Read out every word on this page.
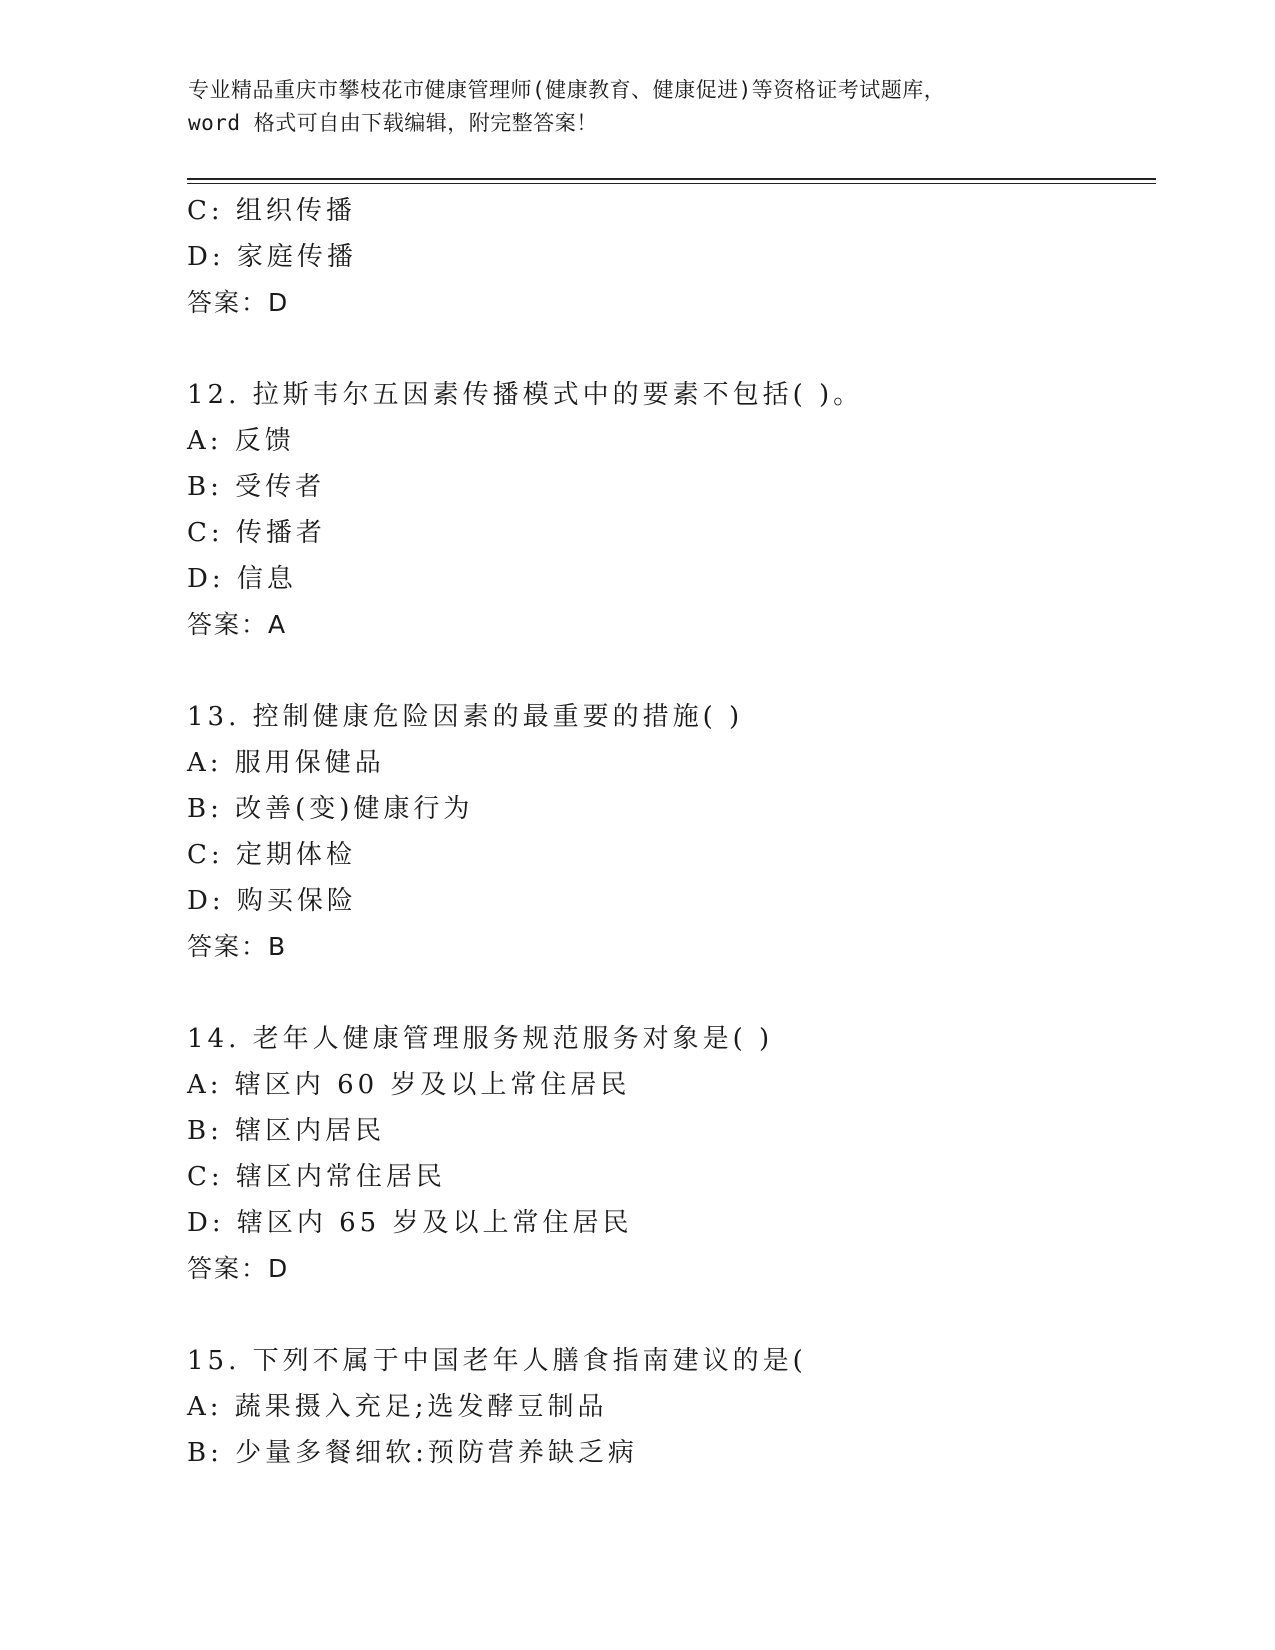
专业精品重庆市攀枝花市健康管理师(健康教育、健康促进)等资格证考试题库，
word 格式可自由下载编辑，附完整答案！
C: 组织传播
D: 家庭传播
答案：D
12. 拉斯韦尔五因素传播模式中的要素不包括( )。
A: 反馈
B: 受传者
C: 传播者
D: 信息
答案：A
13. 控制健康危险因素的最重要的措施( )
A: 服用保健品
B: 改善(变)健康行为
C: 定期体检
D: 购买保险
答案：B
14. 老年人健康管理服务规范服务对象是( )
A: 辖区内 60 岁及以上常住居民
B: 辖区内居民
C: 辖区内常住居民
D: 辖区内 65 岁及以上常住居民
答案：D
15. 下列不属于中国老年人膳食指南建议的是(
A: 蔬果摄入充足;选发酵豆制品
B: 少量多餐细软:预防营养缺乏病
